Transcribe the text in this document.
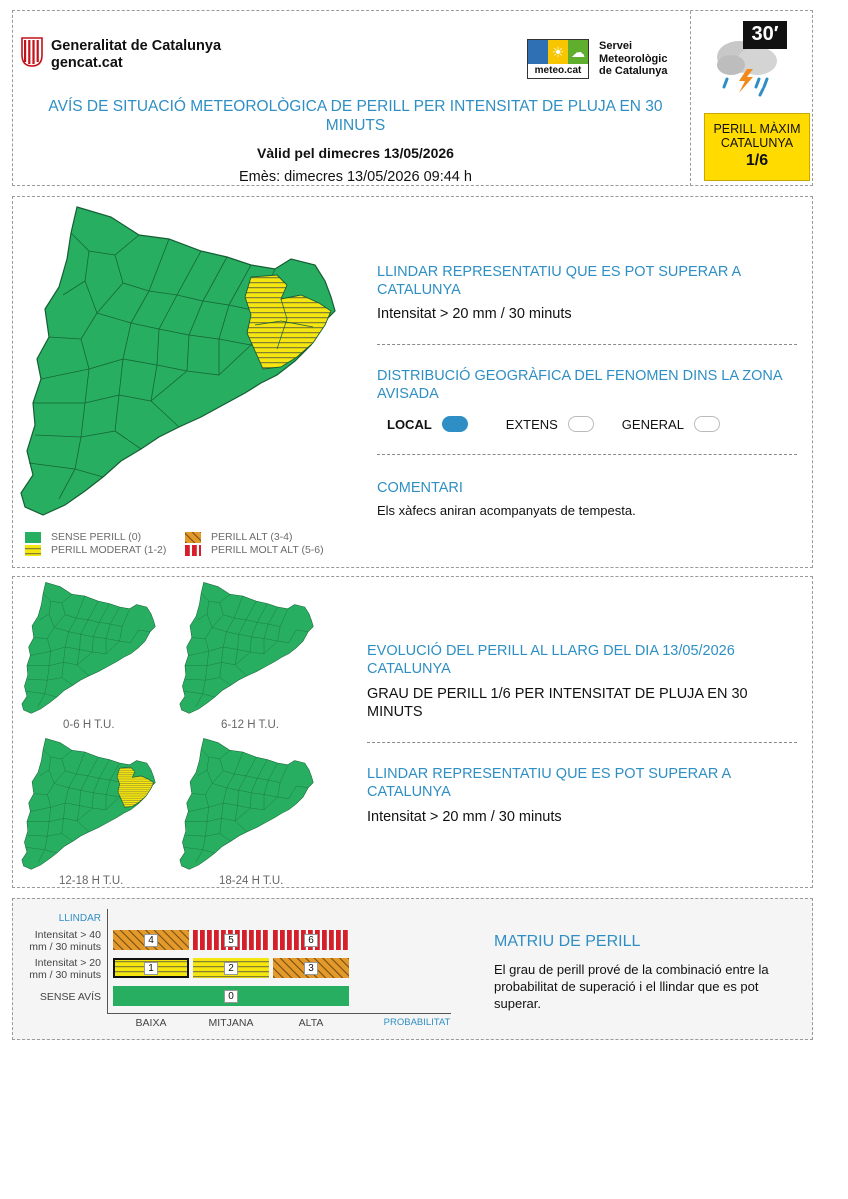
Generalitat de Catalunya
gencat.cat
☀ ☁
meteo.cat
Servei
Meteorològic
de Catalunya
30′
AVÍS DE SITUACIÓ METEOROLÒGICA DE PERILL PER INTENSITAT DE PLUJA EN 30 MINUTS
Vàlid pel dimecres 13/05/2026
Emès: dimecres 13/05/2026 09:44 h
PERILL MÀXIM
CATALUNYA
1/6
SENSE PERILL (0)
PERILL MODERAT (1-2)
PERILL ALT (3-4)
PERILL MOLT ALT (5-6)
LLINDAR REPRESENTATIU QUE ES POT SUPERAR A CATALUNYA
Intensitat > 20 mm / 30 minuts
DISTRIBUCIÓ GEOGRÀFICA DEL FENOMEN DINS LA ZONA AVISADA
LOCAL	EXTENS	GENERAL
COMENTARI
Els xàfecs aniran acompanyats de tempesta.
0-6 H T.U.	6-12 H T.U.
12-18 H T.U.	18-24 H T.U.
EVOLUCIÓ DEL PERILL AL LLARG DEL DIA 13/05/2026 CATALUNYA
GRAU DE PERILL 1/6 PER INTENSITAT DE PLUJA EN 30 MINUTS
LLINDAR REPRESENTATIU QUE ES POT SUPERAR A CATALUNYA
Intensitat > 20 mm / 30 minuts
LLINDAR
Intensitat > 40 mm / 30 minuts
Intensitat > 20 mm / 30 minuts
SENSE AVÍS
4	5	6
1	2	3
0
BAIXA	MITJANA	ALTA	PROBABILITAT
MATRIU DE PERILL
El grau de perill prové de la combinació entre la probabilitat de superació i el llindar que es pot superar.
